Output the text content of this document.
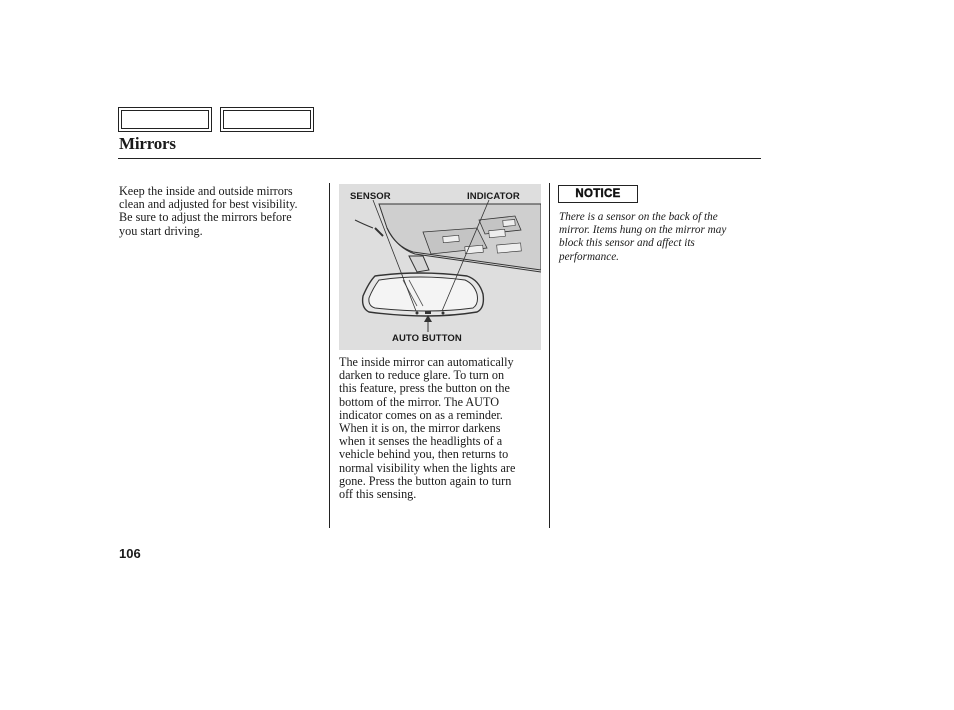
Mirrors
Keep the inside and outside mirrors
clean and adjusted for best visibility.
Be sure to adjust the mirrors before
you start driving.
SENSOR	INDICATOR
AUTO BUTTON
The inside mirror can automatically
darken to reduce glare. To turn on
this feature, press the button on the
bottom of the mirror. The AUTO
indicator comes on as a reminder.
When it is on, the mirror darkens
when it senses the headlights of a
vehicle behind you, then returns to
normal visibility when the lights are
gone. Press the button again to turn
off this sensing.
NOTICE
There is a sensor on the back of the
mirror. Items hung on the mirror may
block this sensor and affect its
performance.
106
